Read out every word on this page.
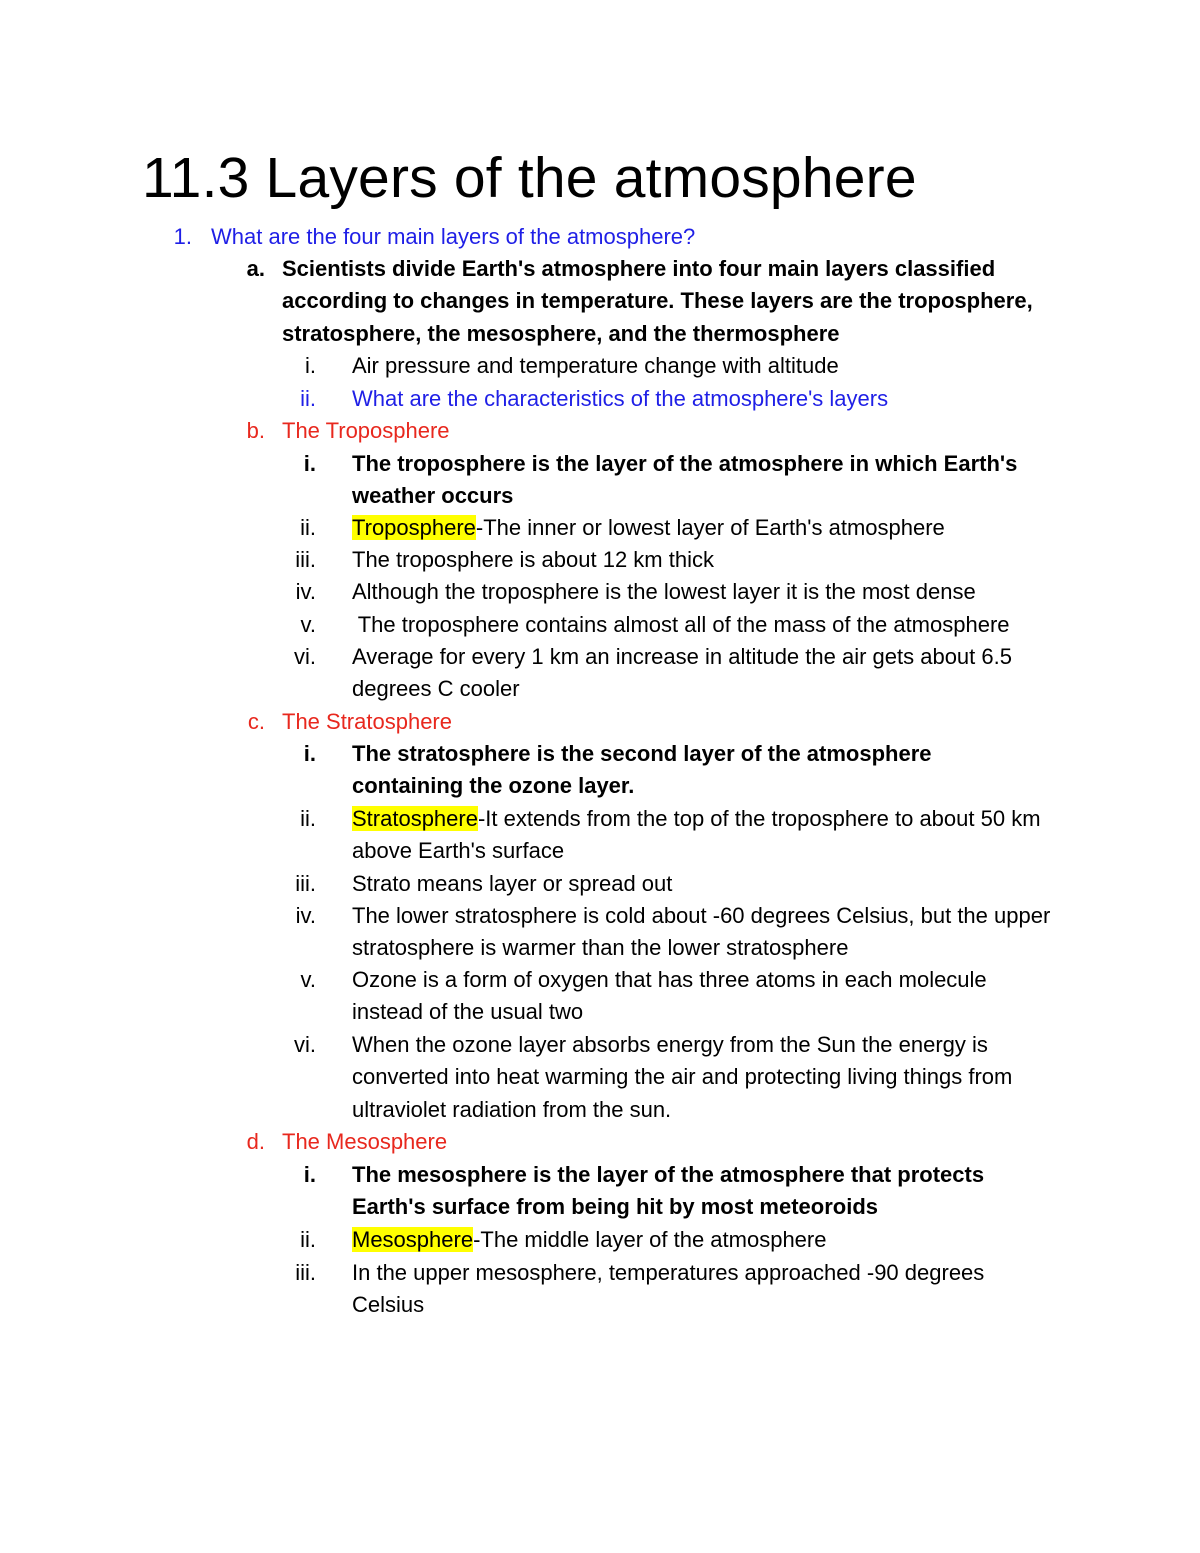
11.3 Layers of the atmosphere
1. What are the four main layers of the atmosphere?
a. Scientists divide Earth's atmosphere into four main layers classified according to changes in temperature. These layers are the troposphere, stratosphere, the mesosphere, and the thermosphere
i. Air pressure and temperature change with altitude
ii. What are the characteristics of the atmosphere's layers
b. The Troposphere
i. The troposphere is the layer of the atmosphere in which Earth's weather occurs
ii. Troposphere-The inner or lowest layer of Earth's atmosphere
iii. The troposphere is about 12 km thick
iv. Although the troposphere is the lowest layer it is the most dense
v. The troposphere contains almost all of the mass of the atmosphere
vi. Average for every 1 km an increase in altitude the air gets about 6.5 degrees C cooler
c. The Stratosphere
i. The stratosphere is the second layer of the atmosphere containing the ozone layer.
ii. Stratosphere-It extends from the top of the troposphere to about 50 km above Earth's surface
iii. Strato means layer or spread out
iv. The lower stratosphere is cold about -60 degrees Celsius, but the upper stratosphere is warmer than the lower stratosphere
v. Ozone is a form of oxygen that has three atoms in each molecule instead of the usual two
vi. When the ozone layer absorbs energy from the Sun the energy is converted into heat warming the air and protecting living things from ultraviolet radiation from the sun.
d. The Mesosphere
i. The mesosphere is the layer of the atmosphere that protects Earth's surface from being hit by most meteoroids
ii. Mesosphere-The middle layer of the atmosphere
iii. In the upper mesosphere, temperatures approached -90 degrees Celsius
